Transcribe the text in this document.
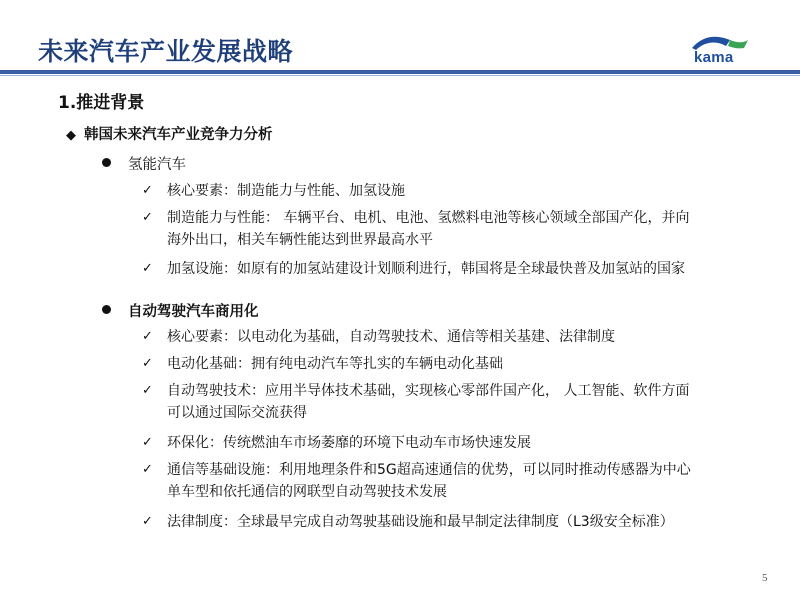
未来汽车产业发展战略	kama
1.推进背景
◆ 韩国未来汽车产业竞争力分析
氢能汽车
✓ 核心要素：制造能力与性能、加氢设施
✓ 制造能力与性能： 车辆平台、电机、电池、氢燃料电池等核心领域全部国产化，并向
海外出口，相关车辆性能达到世界最高水平
✓ 加氢设施：如原有的加氢站建设计划顺利进行，韩国将是全球最快普及加氢站的国家
自动驾驶汽车商用化
✓ 核心要素：以电动化为基础，自动驾驶技术、通信等相关基建、法律制度
✓ 电动化基础：拥有纯电动汽车等扎实的车辆电动化基础
✓ 自动驾驶技术：应用半导体技术基础，实现核心零部件国产化， 人工智能、软件方面
可以通过国际交流获得
✓ 环保化：传统燃油车市场萎靡的环境下电动车市场快速发展
✓ 通信等基础设施：利用地理条件和5G超高速通信的优势，可以同时推动传感器为中心
单车型和依托通信的网联型自动驾驶技术发展
✓ 法律制度：全球最早完成自动驾驶基础设施和最早制定法律制度（L3级安全标准）
5
